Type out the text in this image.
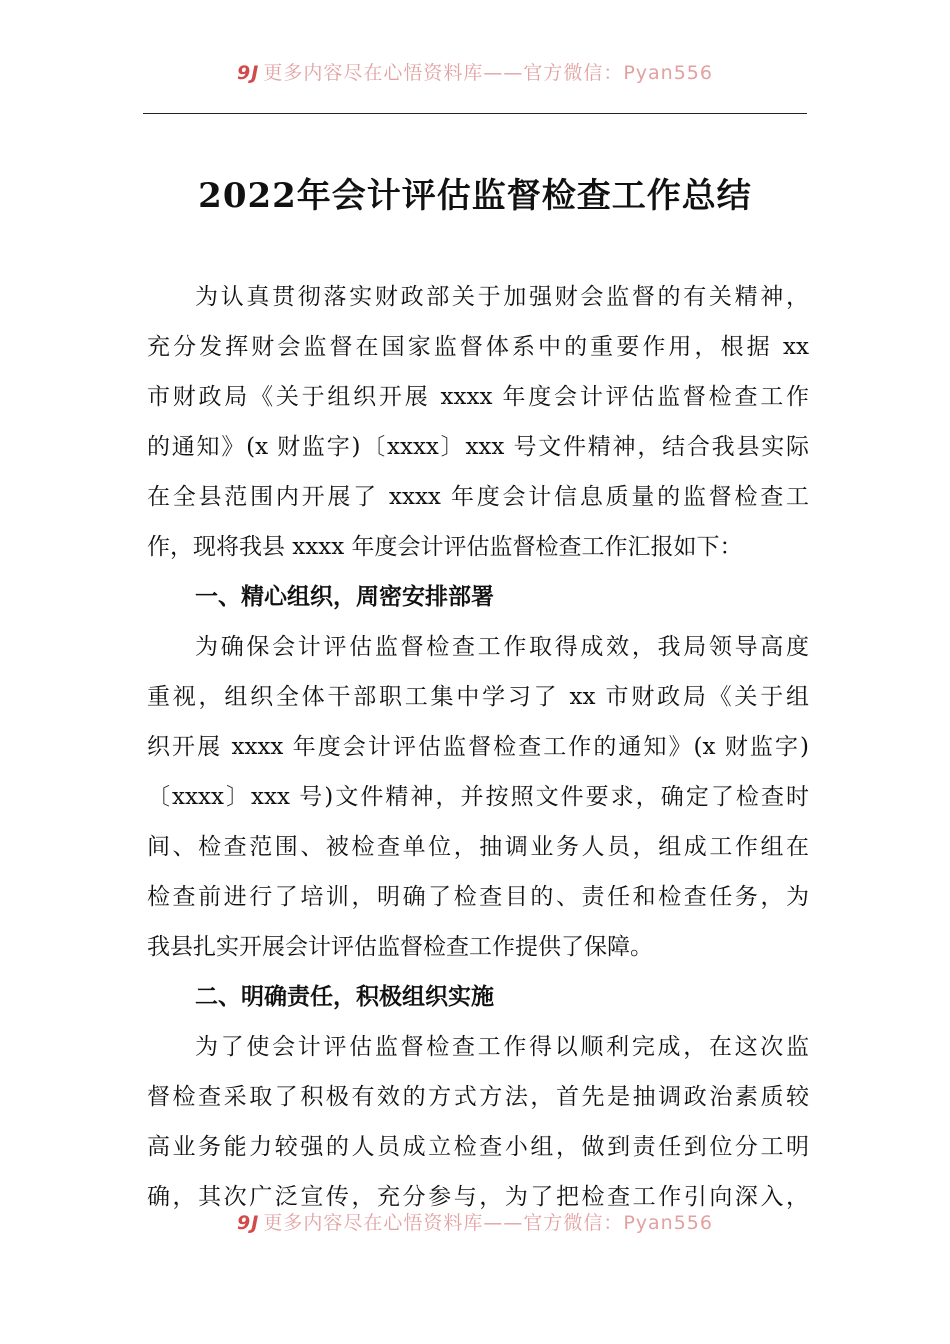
9J 更多内容尽在心悟资料库——官方微信：Pyan556
2022年会计评估监督检查工作总结
为认真贯彻落实财政部关于加强财会监督的有关精神，
充分发挥财会监督在国家监督体系中的重要作用，根据 xx
市财政局《关于组织开展 xxxx 年度会计评估监督检查工作
的通知》(x 财监字)〔xxxx〕xxx 号文件精神，结合我县实际
在全县范围内开展了 xxxx 年度会计信息质量的监督检查工
作，现将我县 xxxx 年度会计评估监督检查工作汇报如下：
一、精心组织，周密安排部署
为确保会计评估监督检查工作取得成效，我局领导高度
重视，组织全体干部职工集中学习了 xx 市财政局《关于组
织开展 xxxx 年度会计评估监督检查工作的通知》(x 财监字)
〔xxxx〕xxx 号)文件精神，并按照文件要求，确定了检查时
间、检查范围、被检查单位，抽调业务人员，组成工作组在
检查前进行了培训，明确了检查目的、责任和检查任务，为
我县扎实开展会计评估监督检查工作提供了保障。
二、明确责任，积极组织实施
为了使会计评估监督检查工作得以顺利完成，在这次监
督检查采取了积极有效的方式方法，首先是抽调政治素质较
高业务能力较强的人员成立检查小组，做到责任到位分工明
确，其次广泛宣传，充分参与，为了把检查工作引向深入，
9J 更多内容尽在心悟资料库——官方微信：Pyan556
